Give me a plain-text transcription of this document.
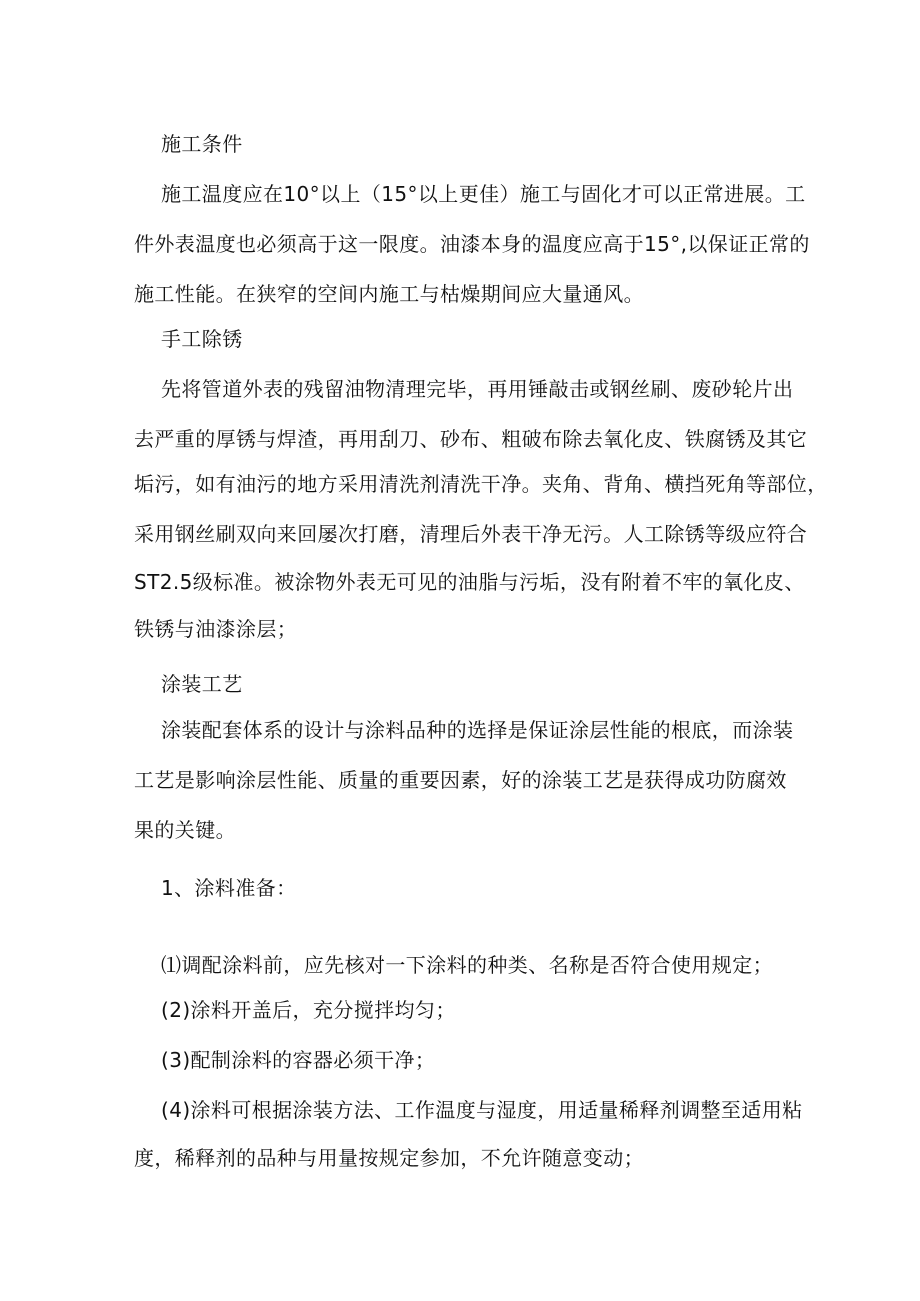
施工条件

施工温度应在10°以上（15°以上更佳）施工与固化才可以正常进展。工

件外表温度也必须高于这一限度。油漆本身的温度应高于15°,以保证正常的

施工性能。在狭窄的空间内施工与枯燥期间应大量通风。

手工除锈

先将管道外表的残留油物清理完毕，再用锤敲击或钢丝刷、废砂轮片出

去严重的厚锈与焊渣，再用刮刀、砂布、粗破布除去氧化皮、铁腐锈及其它

垢污，如有油污的地方采用清洗剂清洗干净。夹角、背角、横挡死角等部位，

采用钢丝刷双向来回屡次打磨，清理后外表干净无污。人工除锈等级应符合

ST2.5级标准。被涂物外表无可见的油脂与污垢，没有附着不牢的氧化皮、

铁锈与油漆涂层；

涂装工艺

涂装配套体系的设计与涂料品种的选择是保证涂层性能的根底，而涂装

工艺是影响涂层性能、质量的重要因素，好的涂装工艺是获得成功防腐效

果的关键。

1、涂料准备：

⑴调配涂料前，应先核对一下涂料的种类、名称是否符合使用规定；

(2)涂料开盖后，充分搅拌均匀；

(3)配制涂料的容器必须干净；

(4)涂料可根据涂装方法、工作温度与湿度，用适量稀释剂调整至适用粘

度，稀释剂的品种与用量按规定参加，不允许随意变动；
